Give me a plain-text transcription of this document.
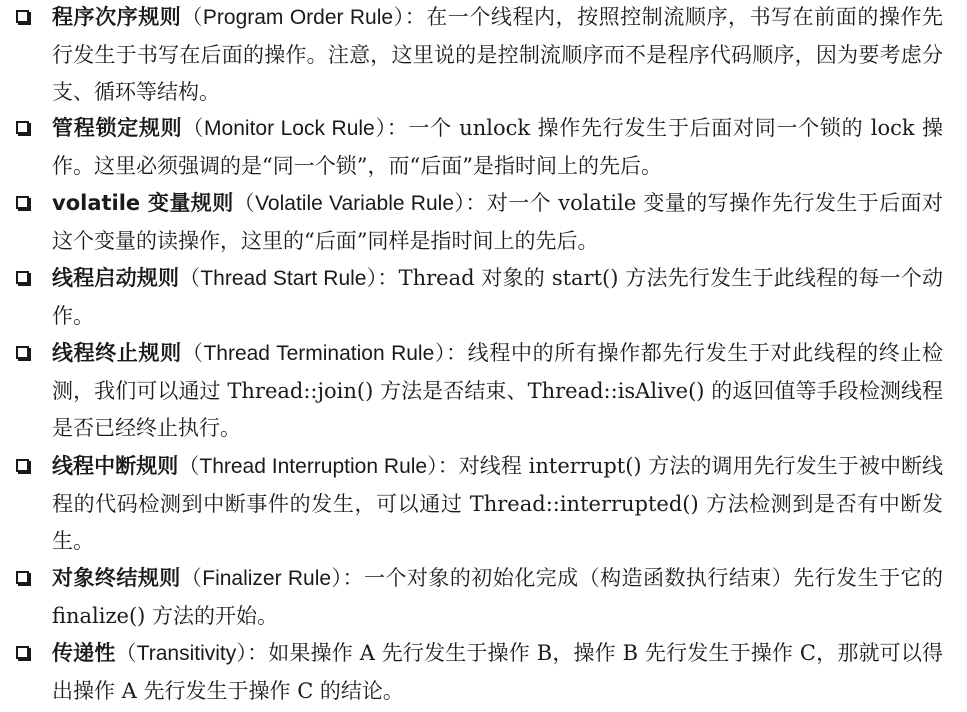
程序次序规则（Program Order Rule）：在一个线程内，按照控制流顺序，书写在前面的操作先行发生于书写在后面的操作。注意，这里说的是控制流顺序而不是程序代码顺序，因为要考虑分支、循环等结构。
管程锁定规则（Monitor Lock Rule）：一个 unlock 操作先行发生于后面对同一个锁的 lock 操作。这里必须强调的是“同一个锁”，而“后面”是指时间上的先后。
volatile 变量规则（Volatile Variable Rule）：对一个 volatile 变量的写操作先行发生于后面对这个变量的读操作，这里的“后面”同样是指时间上的先后。
线程启动规则（Thread Start Rule）：Thread 对象的 start() 方法先行发生于此线程的每一个动作。
线程终止规则（Thread Termination Rule）：线程中的所有操作都先行发生于对此线程的终止检测，我们可以通过 Thread::join() 方法是否结束、Thread::isAlive() 的返回值等手段检测线程是否已经终止执行。
线程中断规则（Thread Interruption Rule）：对线程 interrupt() 方法的调用先行发生于被中断线程的代码检测到中断事件的发生，可以通过 Thread::interrupted() 方法检测到是否有中断发生。
对象终结规则（Finalizer Rule）：一个对象的初始化完成（构造函数执行结束）先行发生于它的 finalize() 方法的开始。
传递性（Transitivity）：如果操作 A 先行发生于操作 B，操作 B 先行发生于操作 C，那就可以得出操作 A 先行发生于操作 C 的结论。
